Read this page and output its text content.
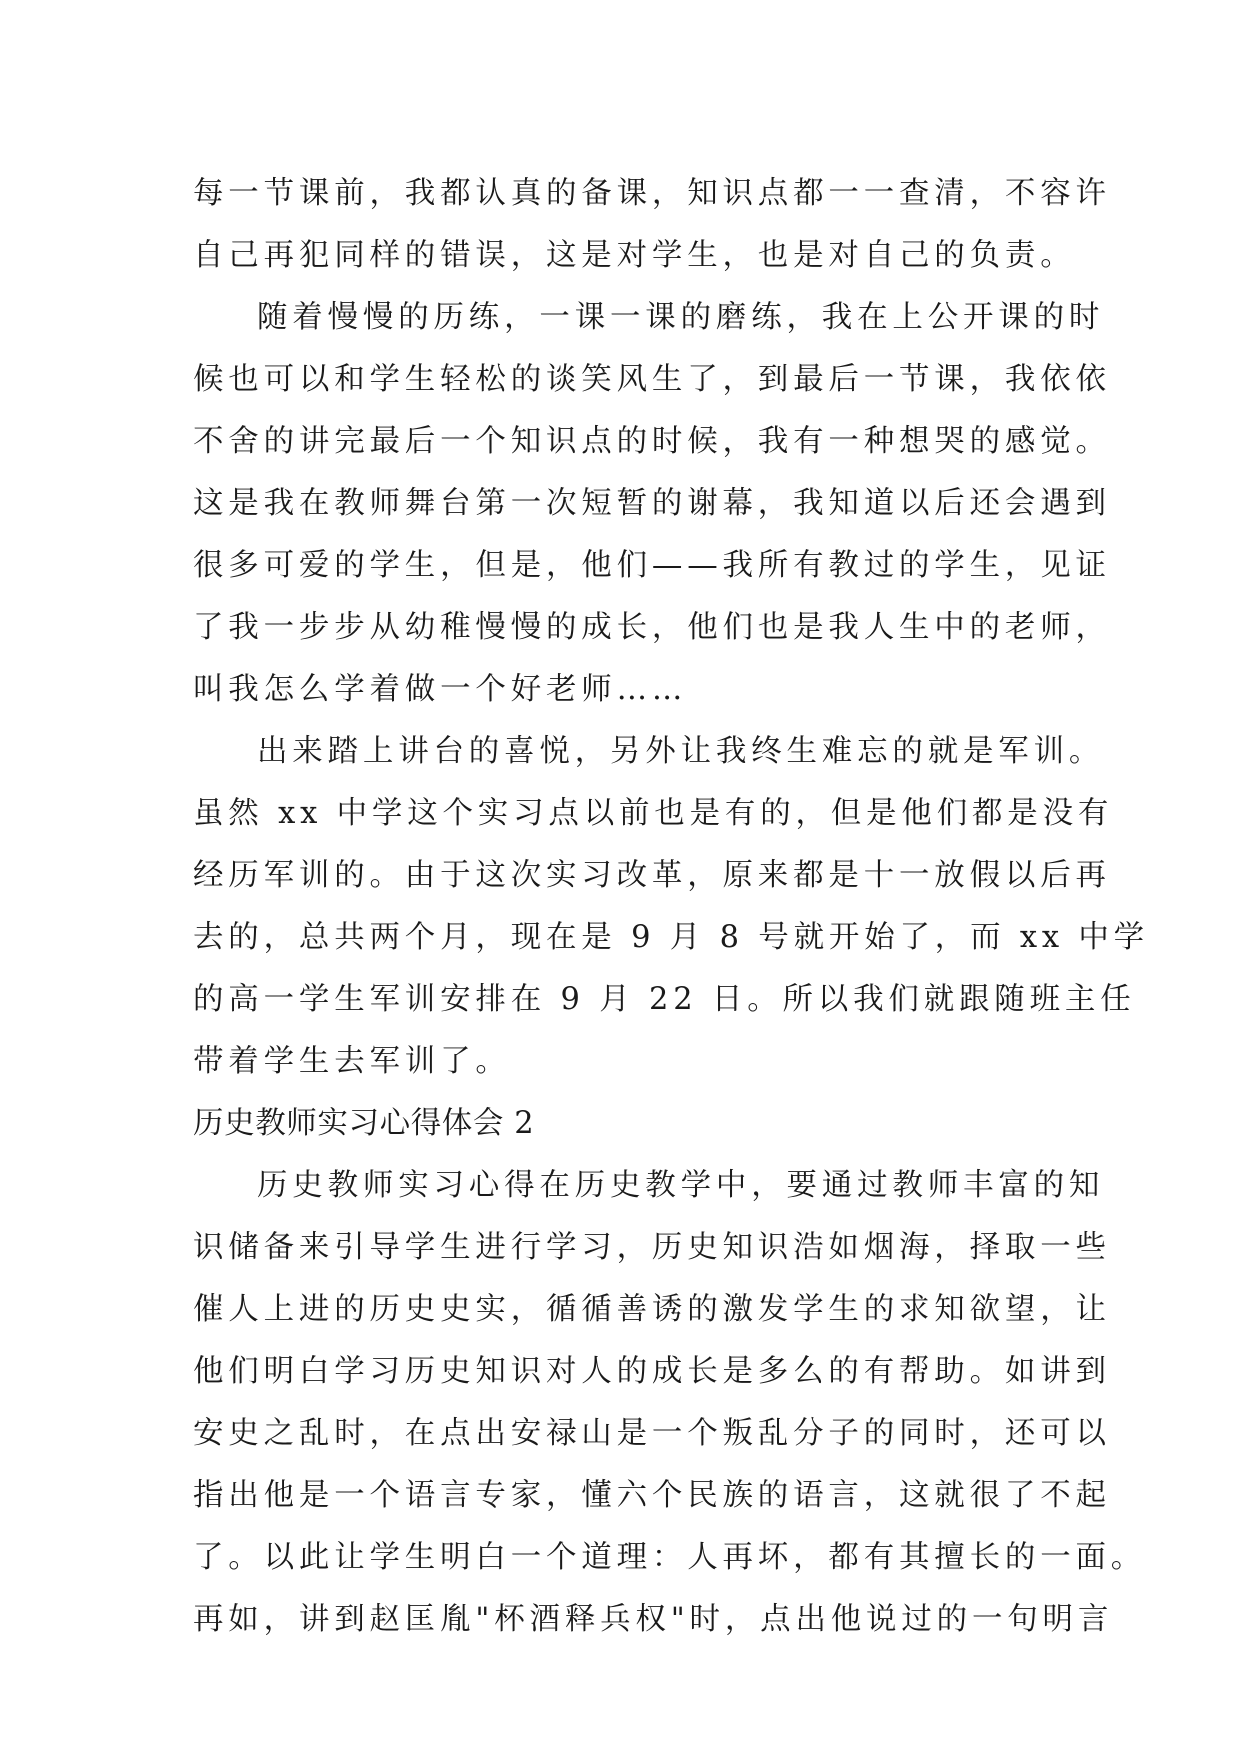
每一节课前，我都认真的备课，知识点都一一查清，不容许
自己再犯同样的错误，这是对学生，也是对自己的负责。
随着慢慢的历练，一课一课的磨练，我在上公开课的时
候也可以和学生轻松的谈笑风生了，到最后一节课，我依依
不舍的讲完最后一个知识点的时候，我有一种想哭的感觉。
这是我在教师舞台第一次短暂的谢幕，我知道以后还会遇到
很多可爱的学生，但是，他们——我所有教过的学生，见证
了我一步步从幼稚慢慢的成长，他们也是我人生中的老师，
叫我怎么学着做一个好老师……
出来踏上讲台的喜悦，另外让我终生难忘的就是军训。
虽然 xx 中学这个实习点以前也是有的，但是他们都是没有
经历军训的。由于这次实习改革，原来都是十一放假以后再
去的，总共两个月，现在是 9 月 8 号就开始了，而 xx 中学
的高一学生军训安排在 9 月 22 日。所以我们就跟随班主任
带着学生去军训了。
历史教师实习心得体会 2
历史教师实习心得在历史教学中，要通过教师丰富的知
识储备来引导学生进行学习，历史知识浩如烟海，择取一些
催人上进的历史史实，循循善诱的激发学生的求知欲望，让
他们明白学习历史知识对人的成长是多么的有帮助。如讲到
安史之乱时，在点出安禄山是一个叛乱分子的同时，还可以
指出他是一个语言专家，懂六个民族的语言，这就很了不起
了。以此让学生明白一个道理：人再坏，都有其擅长的一面。
再如，讲到赵匡胤"杯酒释兵权"时，点出他说过的一句明言
